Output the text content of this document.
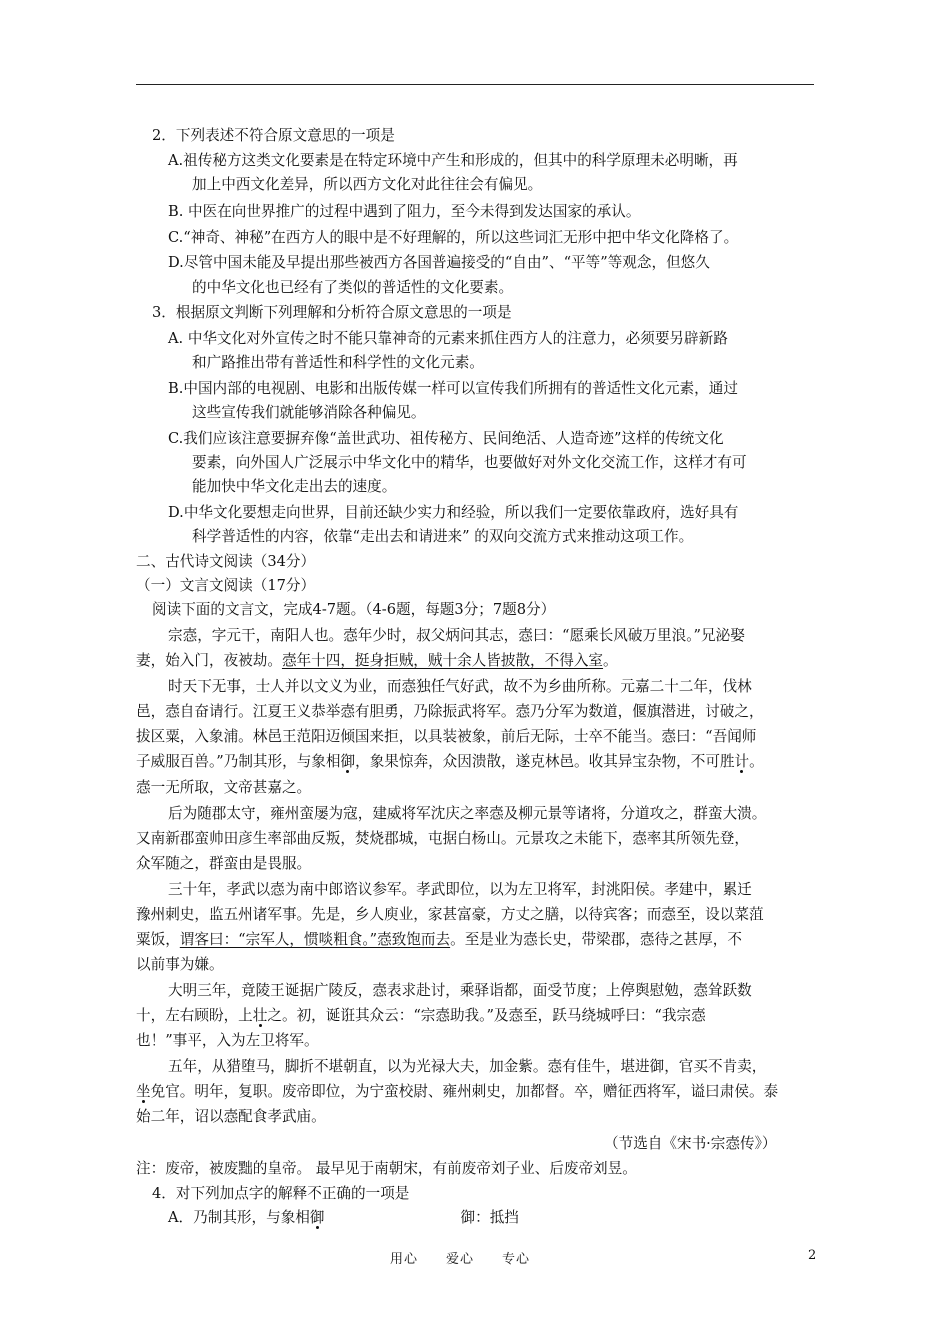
2．下列表述不符合原文意思的一项是
A.祖传秘方这类文化要素是在特定环境中产生和形成的，但其中的科学原理未必明晰，再
加上中西文化差异，所以西方文化对此往往会有偏见。
B. 中医在向世界推广的过程中遇到了阻力，至今未得到发达国家的承认。
C.“神奇、神秘”在西方人的眼中是不好理解的，所以这些词汇无形中把中华文化降格了。
D.尽管中国未能及早提出那些被西方各国普遍接受的“自由”、“平等”等观念，但悠久
的中华文化也已经有了类似的普适性的文化要素。
3．根据原文判断下列理解和分析符合原文意思的一项是
A. 中华文化对外宣传之时不能只靠神奇的元素来抓住西方人的注意力，必须要另辟新路
和广路推出带有普适性和科学性的文化元素。
B.中国内部的电视剧、电影和出版传媒一样可以宣传我们所拥有的普适性文化元素，通过
这些宣传我们就能够消除各种偏见。
C.我们应该注意要摒弃像“盖世武功、祖传秘方、民间绝活、人造奇迹”这样的传统文化
要素，向外国人广泛展示中华文化中的精华，也要做好对外文化交流工作，这样才有可
能加快中华文化走出去的速度。
D.中华文化要想走向世界，目前还缺少实力和经验，所以我们一定要依靠政府，选好具有
科学普适性的内容，依靠“走出去和请进来” 的双向交流方式来推动这项工作。
二、古代诗文阅读（34分）
（一）文言文阅读（17分）
阅读下面的文言文，完成4-7题。（4-6题，每题3分；7题8分）
宗悫，字元干，南阳人也。悫年少时，叔父炳问其志，悫曰：“愿乘长风破万里浪。”兄泌娶
妻，始入门，夜被劫。悫年十四，挺身拒贼，贼十余人皆披散，不得入室。
时天下无事，士人并以文义为业，而悫独任气好武，故不为乡曲所称。元嘉二十二年，伐林
邑，悫自奋请行。江夏王义恭举悫有胆勇，乃除振武将军。悫乃分军为数道，偃旗潜进，讨破之，
拔区粟，入象浦。林邑王范阳迈倾国来拒，以具装被象，前后无际，士卒不能当。悫曰：“吾闻师
子威服百兽。”乃制其形，与象相御，象果惊奔，众因溃散，遂克林邑。收其异宝杂物，不可胜计。
悫一无所取，文帝甚嘉之。
后为随郡太守，雍州蛮屡为寇，建威将军沈庆之率悫及柳元景等诸将，分道攻之，群蛮大溃。
又南新郡蛮帅田彦生率部曲反叛，焚烧郡城，屯据白杨山。元景攻之未能下，悫率其所领先登，
众军随之，群蛮由是畏服。
三十年，孝武以悫为南中郎谘议参军。孝武即位，以为左卫将军，封洮阳侯。孝建中，累迁
豫州刺史，监五州诸军事。先是，乡人庾业，家甚富豪，方丈之膳，以待宾客；而悫至，设以菜菹
粟饭，谓客曰：“宗军人，惯啖粗食。”悫致饱而去。至是业为悫长史，带梁郡，悫待之甚厚，不
以前事为嫌。
大明三年，竟陵王诞据广陵反，悫表求赴讨，乘驿诣都，面受节度；上停舆慰勉，悫耸跃数
十，左右顾盼，上壮之。初，诞诳其众云：“宗悫助我。”及悫至，跃马绕城呼曰：“我宗悫
也！”事平，入为左卫将军。
五年，从猎堕马，脚折不堪朝直，以为光禄大夫，加金紫。悫有佳牛，堪进御，官买不肯卖，
坐免官。明年，复职。废帝即位，为宁蛮校尉、雍州刺史，加都督。卒，赠征西将军，谥曰肃侯。泰
始二年，诏以悫配食孝武庙。
（节选自《宋书·宗悫传》）
注：废帝，被废黜的皇帝。 最早见于南朝宋，有前废帝刘子业、后废帝刘昱。
4．对下列加点字的解释不正确的一项是
A．乃制其形，与象相御	御：抵挡
用心　　爱心　　专心	2
